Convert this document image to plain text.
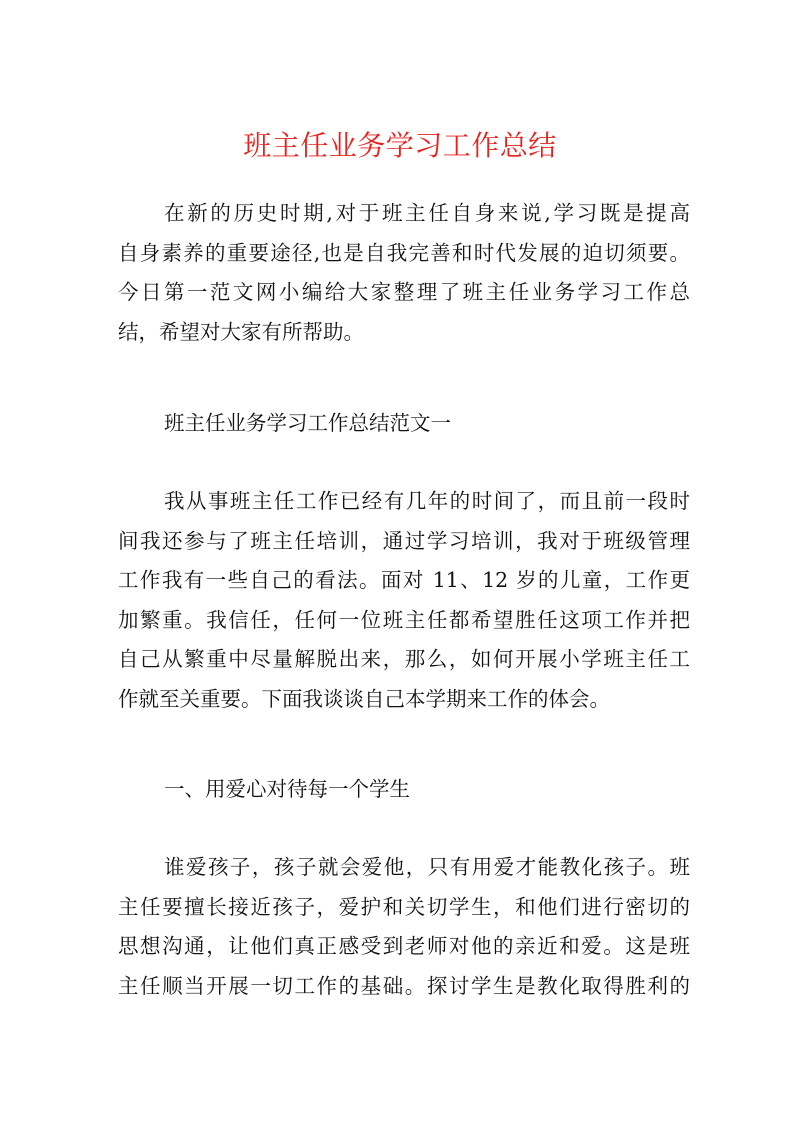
班主任业务学习工作总结
在新的历史时期,对于班主任自身来说,学习既是提高
自身素养的重要途径,也是自我完善和时代发展的迫切须要。
今日第一范文网小编给大家整理了班主任业务学习工作总
结，希望对大家有所帮助。

班主任业务学习工作总结范文一

我从事班主任工作已经有几年的时间了，而且前一段时
间我还参与了班主任培训，通过学习培训，我对于班级管理
工作我有一些自己的看法。面对 11、12 岁的儿童，工作更
加繁重。我信任，任何一位班主任都希望胜任这项工作并把
自己从繁重中尽量解脱出来，那么，如何开展小学班主任工
作就至关重要。下面我谈谈自己本学期来工作的体会。

一、用爱心对待每一个学生

谁爱孩子，孩子就会爱他，只有用爱才能教化孩子。班
主任要擅长接近孩子，爱护和关切学生，和他们进行密切的
思想沟通，让他们真正感受到老师对他的亲近和爱。这是班
主任顺当开展一切工作的基础。探讨学生是教化取得胜利的
